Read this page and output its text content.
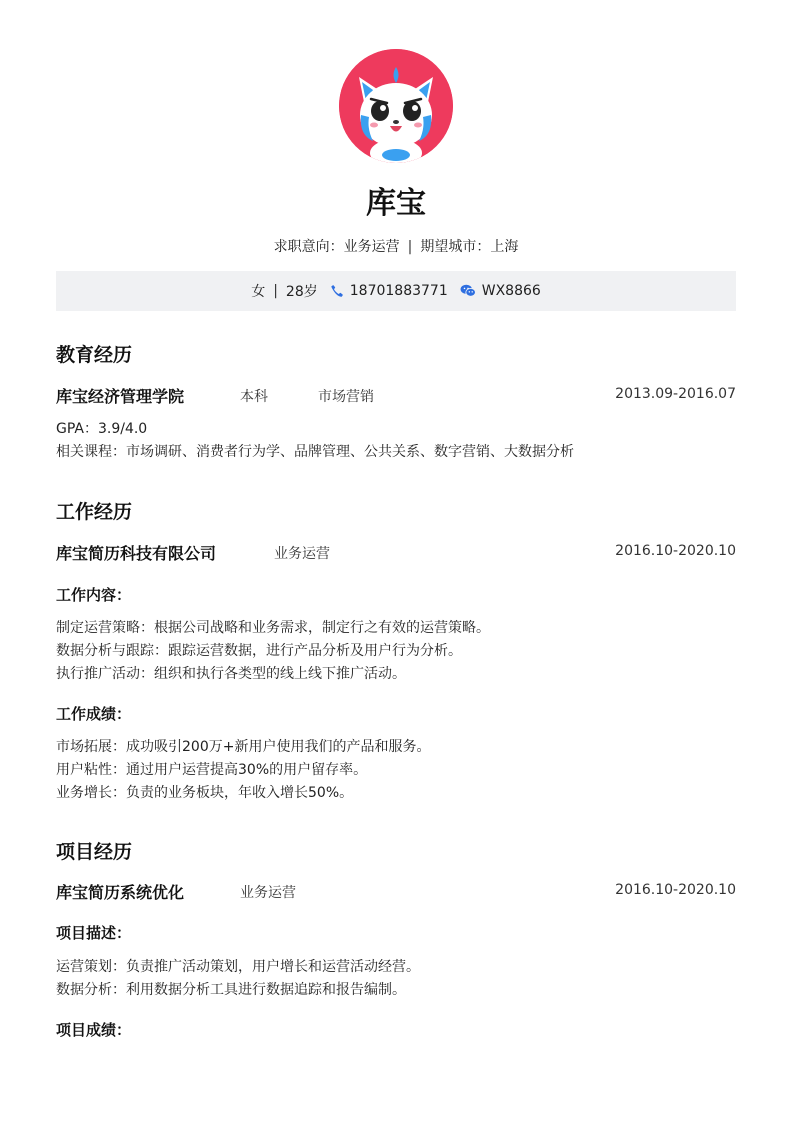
库宝
求职意向：业务运营 | 期望城市：上海
女 | 28岁 18701883771 WX8866
教育经历
库宝经济管理学院	本科	市场营销	2013.09-2016.07
GPA：3.9/4.0
相关课程：市场调研、消费者行为学、品牌管理、公共关系、数字营销、大数据分析
工作经历
库宝简历科技有限公司	业务运营	2016.10-2020.10
工作内容：
制定运营策略：根据公司战略和业务需求，制定行之有效的运营策略。
数据分析与跟踪：跟踪运营数据，进行产品分析及用户行为分析。
执行推广活动：组织和执行各类型的线上线下推广活动。
工作成绩：
市场拓展：成功吸引200万+新用户使用我们的产品和服务。
用户粘性：通过用户运营提高30%的用户留存率。
业务增长：负责的业务板块，年收入增长50%。
项目经历
库宝简历系统优化	业务运营	2016.10-2020.10
项目描述：
运营策划：负责推广活动策划，用户增长和运营活动经营。
数据分析：利用数据分析工具进行数据追踪和报告编制。
项目成绩：
